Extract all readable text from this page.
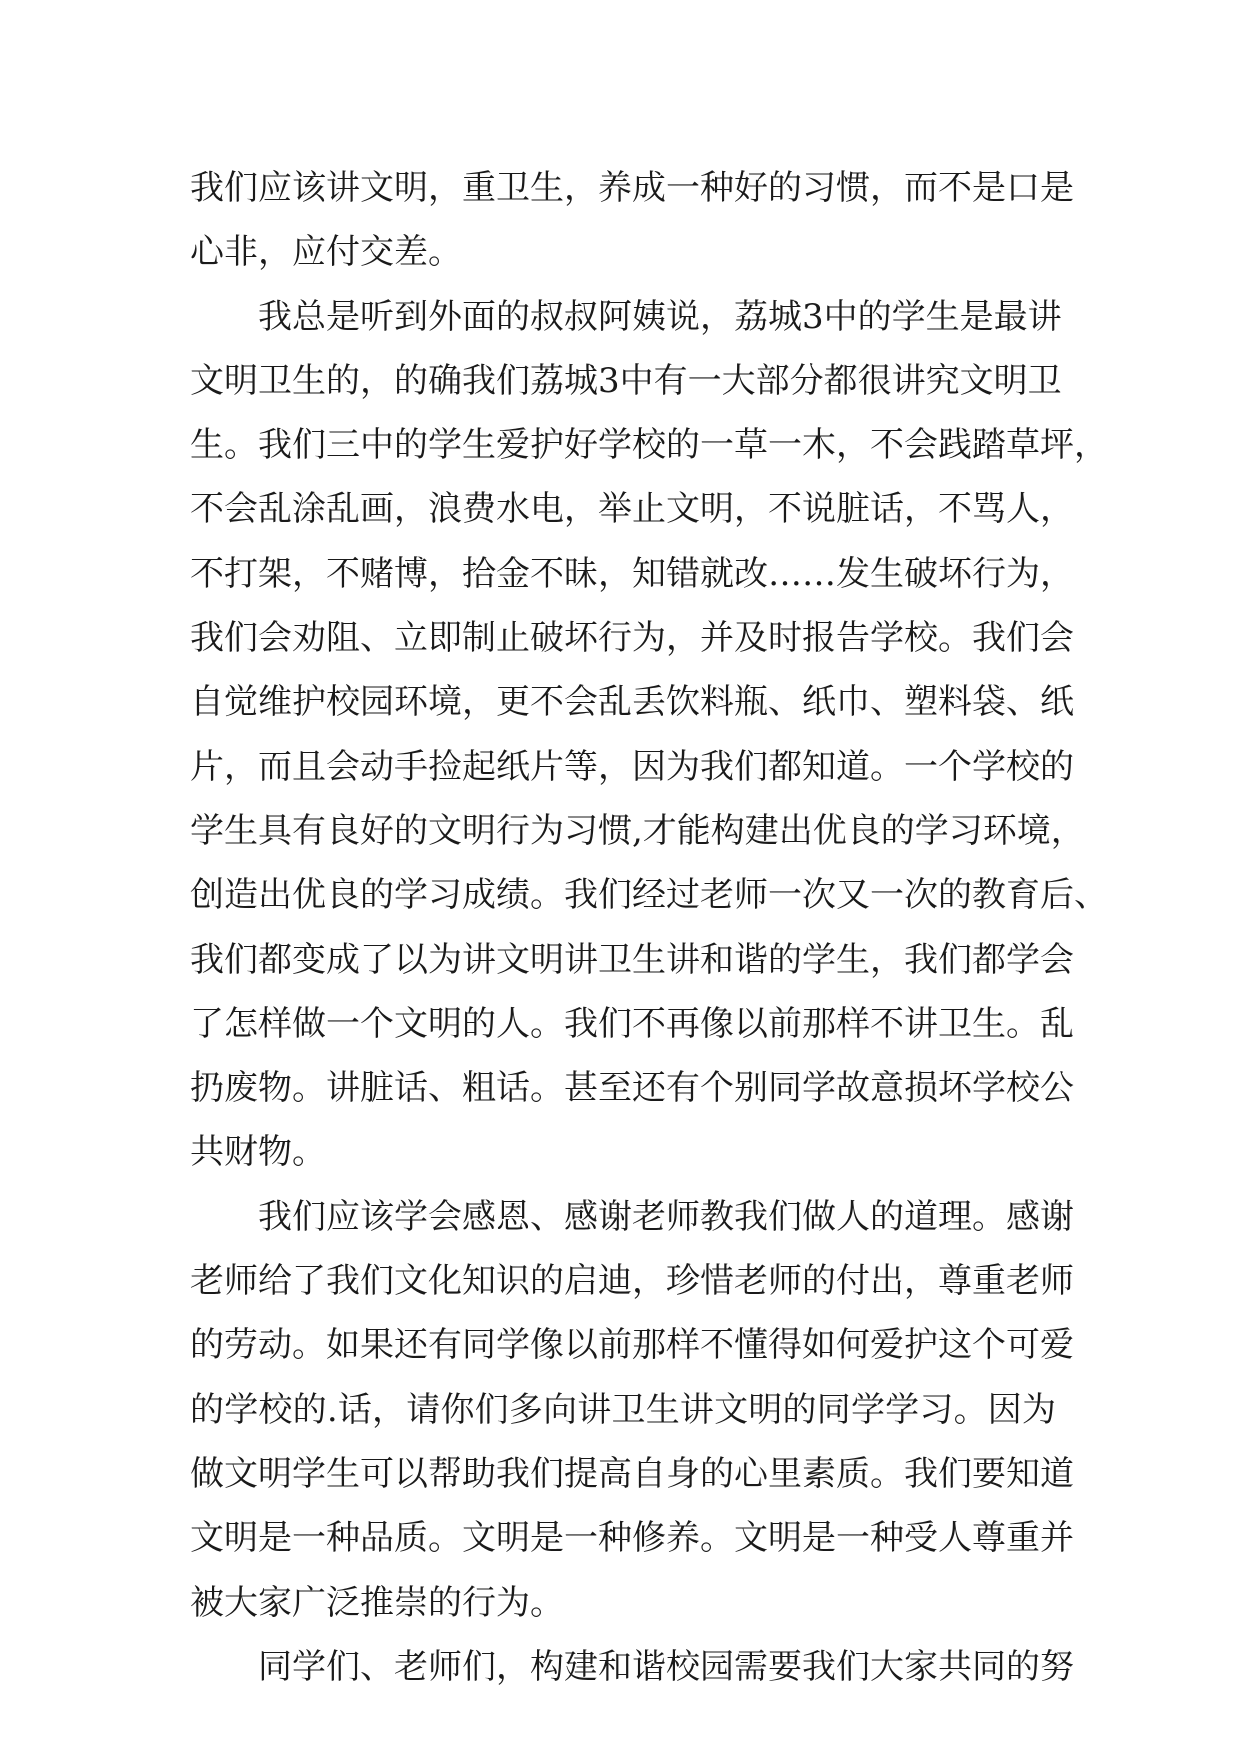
我们应该讲文明，重卫生，养成一种好的习惯，而不是口是
心非，应付交差。
我总是听到外面的叔叔阿姨说，荔城3中的学生是最讲
文明卫生的，的确我们荔城3中有一大部分都很讲究文明卫
生。我们三中的学生爱护好学校的一草一木，不会践踏草坪，
不会乱涂乱画，浪费水电，举止文明，不说脏话，不骂人，
不打架，不赌博，拾金不昧，知错就改……发生破坏行为，
我们会劝阻、立即制止破坏行为，并及时报告学校。我们会
自觉维护校园环境，更不会乱丢饮料瓶、纸巾、塑料袋、纸
片，而且会动手捡起纸片等，因为我们都知道。一个学校的
学生具有良好的文明行为习惯,才能构建出优良的学习环境，
创造出优良的学习成绩。我们经过老师一次又一次的教育后、
我们都变成了以为讲文明讲卫生讲和谐的学生，我们都学会
了怎样做一个文明的人。我们不再像以前那样不讲卫生。乱
扔废物。讲脏话、粗话。甚至还有个别同学故意损坏学校公
共财物。
我们应该学会感恩、感谢老师教我们做人的道理。感谢
老师给了我们文化知识的启迪，珍惜老师的付出，尊重老师
的劳动。如果还有同学像以前那样不懂得如何爱护这个可爱
的学校的.话，请你们多向讲卫生讲文明的同学学习。因为
做文明学生可以帮助我们提高自身的心里素质。我们要知道
文明是一种品质。文明是一种修养。文明是一种受人尊重并
被大家广泛推崇的行为。
同学们、老师们，构建和谐校园需要我们大家共同的努
